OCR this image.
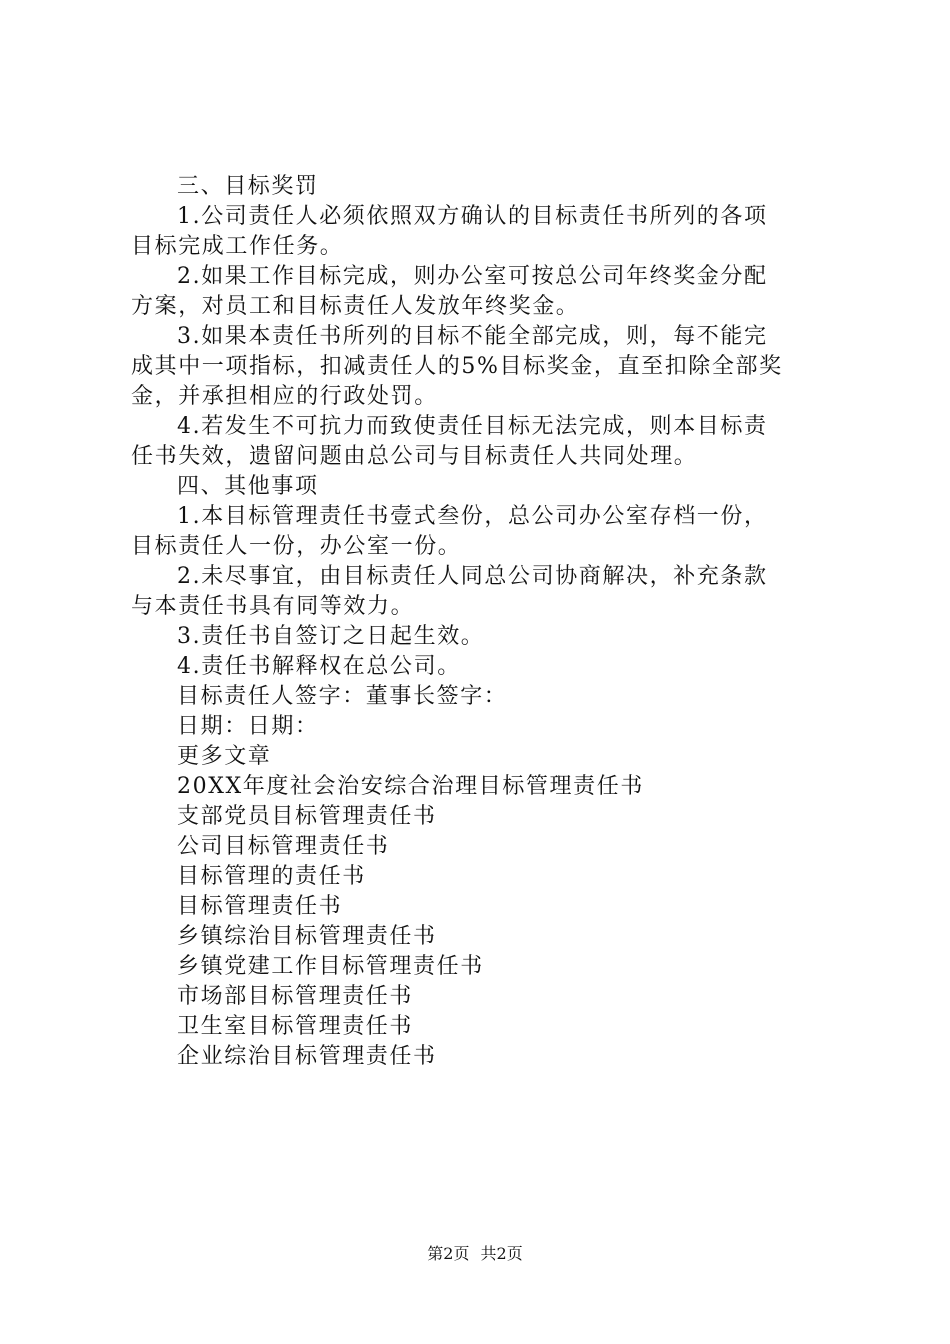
三、目标奖罚
1.公司责任人必须依照双方确认的目标责任书所列的各项
目标完成工作任务。
2.如果工作目标完成，则办公室可按总公司年终奖金分配
方案，对员工和目标责任人发放年终奖金。
3.如果本责任书所列的目标不能全部完成，则，每不能完
成其中一项指标，扣减责任人的5%目标奖金，直至扣除全部奖
金，并承担相应的行政处罚。
4.若发生不可抗力而致使责任目标无法完成，则本目标责
任书失效，遗留问题由总公司与目标责任人共同处理。
四、其他事项
1.本目标管理责任书壹式叁份，总公司办公室存档一份，
目标责任人一份，办公室一份。
2.未尽事宜，由目标责任人同总公司协商解决，补充条款
与本责任书具有同等效力。
3.责任书自签订之日起生效。
4.责任书解释权在总公司。
目标责任人签字：董事长签字：
日期：日期：
更多文章
20XX年度社会治安综合治理目标管理责任书
支部党员目标管理责任书
公司目标管理责任书
目标管理的责任书
目标管理责任书
乡镇综治目标管理责任书
乡镇党建工作目标管理责任书
市场部目标管理责任书
卫生室目标管理责任书
企业综治目标管理责任书
第2页 共2页
